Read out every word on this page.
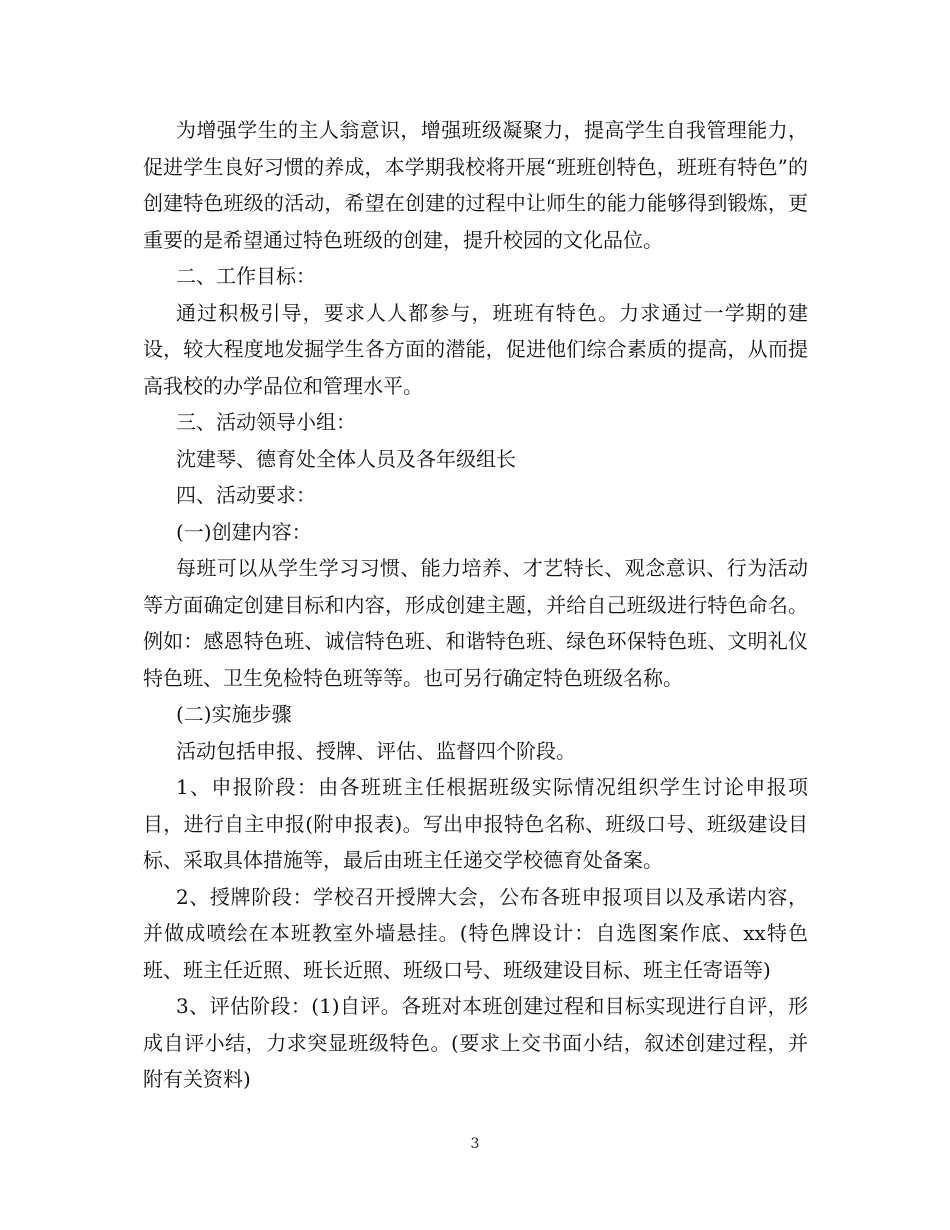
为增强学生的主人翁意识，增强班级凝聚力，提高学生自我管理能力，促进学生良好习惯的养成，本学期我校将开展“班班创特色，班班有特色”的创建特色班级的活动，希望在创建的过程中让师生的能力能够得到锻炼，更重要的是希望通过特色班级的创建，提升校园的文化品位。

二、工作目标：

通过积极引导，要求人人都参与，班班有特色。力求通过一学期的建设，较大程度地发掘学生各方面的潜能，促进他们综合素质的提高，从而提高我校的办学品位和管理水平。

三、活动领导小组：

沈建琴、德育处全体人员及各年级组长

四、活动要求：

(一)创建内容：

每班可以从学生学习习惯、能力培养、才艺特长、观念意识、行为活动等方面确定创建目标和内容，形成创建主题，并给自己班级进行特色命名。例如：感恩特色班、诚信特色班、和谐特色班、绿色环保特色班、文明礼仪特色班、卫生免检特色班等等。也可另行确定特色班级名称。

(二)实施步骤

活动包括申报、授牌、评估、监督四个阶段。

1、申报阶段：由各班班主任根据班级实际情况组织学生讨论申报项目，进行自主申报(附申报表)。写出申报特色名称、班级口号、班级建设目标、采取具体措施等，最后由班主任递交学校德育处备案。

2、授牌阶段：学校召开授牌大会，公布各班申报项目以及承诺内容，并做成喷绘在本班教室外墙悬挂。(特色牌设计：自选图案作底、xx特色班、班主任近照、班长近照、班级口号、班级建设目标、班主任寄语等)

3、评估阶段：(1)自评。各班对本班创建过程和目标实现进行自评，形成自评小结，力求突显班级特色。(要求上交书面小结，叙述创建过程，并附有关资料)

3
